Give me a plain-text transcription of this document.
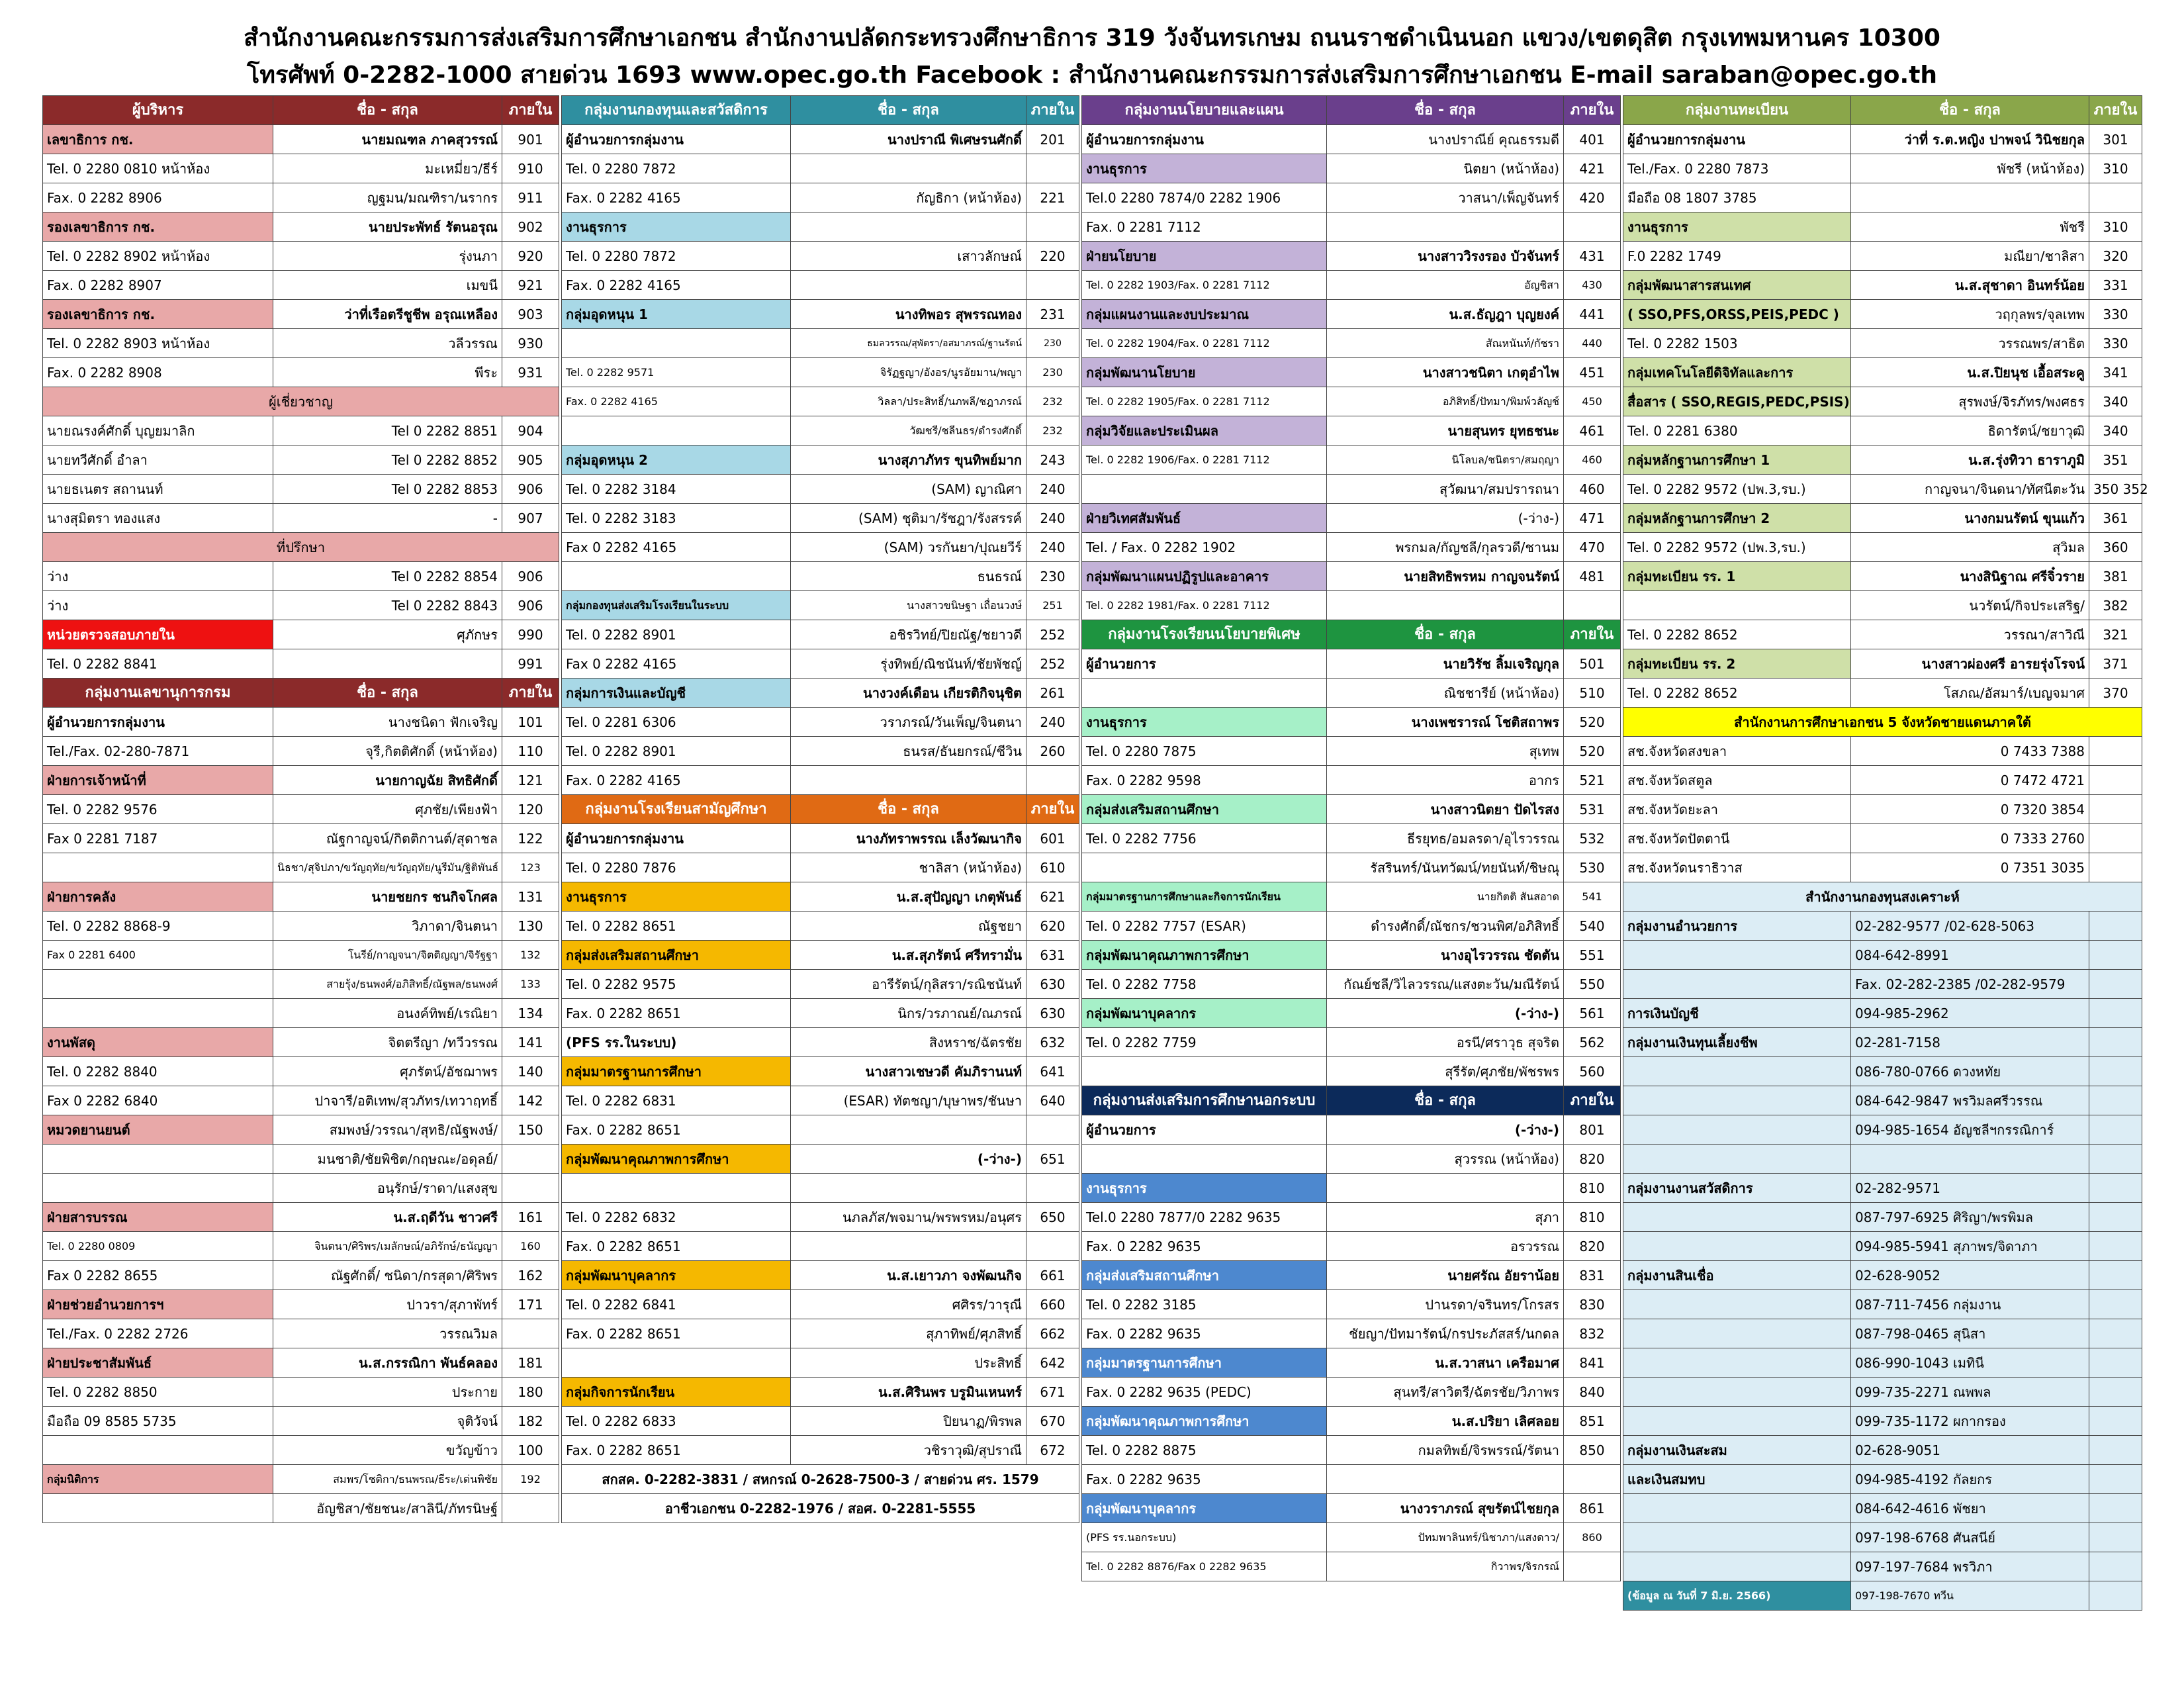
สำนักงานคณะกรรมการส่งเสริมการศึกษาเอกชน สำนักงานปลัดกระทรวงศึกษาธิการ 319 วังจันทรเกษม ถนนราชดำเนินนอก แขวง/เขตดุสิต กรุงเทพมหานคร 10300
โทรศัพท์ 0-2282-1000 สายด่วน 1693 www.opec.go.th Facebook : สำนักงานคณะกรรมการส่งเสริมการศึกษาเอกชน E-mail saraban@opec.go.th
ผู้บริหาร	ชื่อ - สกุล	ภายใน
เลขาธิการ กช.	นายมณฑล ภาคสุวรรณ์	901
Tel. 0 2280 0810 หน้าห้อง	มะเหมี่ยว/ธีร์	910
Fax. 0 2282 8906	ญฐมน/มณฑิรา/นรากร	911
รองเลขาธิการ กช.	นายประพัทธ์ รัตนอรุณ	902
Tel. 0 2282 8902 หน้าห้อง	รุ่งนภา	920
Fax. 0 2282 8907	เมขนี	921
รองเลขาธิการ กช.	ว่าที่เรือตรีชูชีพ อรุณเหลือง	903
Tel. 0 2282 8903 หน้าห้อง	วลีวรรณ	930
Fax. 0 2282 8908	พีระ	931
ผู้เชี่ยวชาญ		
นายณรงค์ศักดิ์ บุญยมาลิก	Tel 0 2282 8851	904
นายทวีศักดิ์ อำลา	Tel 0 2282 8852	905
นายธเนตร สถานนท์	Tel 0 2282 8853	906
นางสุมิตรา ทองแสง	-	907
ที่ปรึกษา		
ว่าง	Tel 0 2282 8854	906
ว่าง	Tel 0 2282 8843	906
หน่วยตรวจสอบภายใน	ศุภักษร	990
Tel. 0 2282 8841		991
กลุ่มงานเลขานุการกรม	ชื่อ - สกุล	ภายใน
ผู้อำนวยการกลุ่มงาน	นางชนิดา ฟักเจริญ	101
Tel./Fax. 02-280-7871	จุรี,กิตติศักดิ์ (หน้าห้อง)	110
ฝ่ายการเจ้าหน้าที่	นายกาญฉัย สิทธิศักดิ์	121
Tel. 0 2282 9576	ศุภชัย/เพียงฟ้า	120
Fax 0 2281 7187	ณัฐกาญจน์/กิตติกานต์/สุดาชล	122
	นิธชา/สุจิปภา/ขวัญฤทัย/ขวัญฤทัย/นูรีมัน/ฐิติพันธ์	123
ฝ่ายการคลัง	นายชยกร ชนกิจโกศล	131
Tel. 0 2282 8868-9	วิภาดา/จินตนา	130
Fax 0 2281 6400	โนรีย์/กาญจนา/จิตติญญา/จิรัฐฐา	132
	สายรุ้ง/ธนพงศ์/อภิสิทธิ์/ณัฐพล/ธนพงศ์	133
	อนงค์ทิพย์/เรณิยา	134
งานพัสดุ	จิตตรีญา /ทวีวรรณ	141
Tel. 0 2282 8840	ศุภรัตน์/อัชฌาพร	140
Fax 0 2282 6840	ปาจารี/อติเทพ/สุวภัทร/เทวาฤทธิ์	142
หมวดยานยนต์	สมพงษ์/วรรณา/สุทธิ/ณัฐพงษ์/	150
	มนชาติ/ชัยพิชิต/กฤษณะ/อดุลย์/	
	อนุรักษ์/ราดา/แสงสุข	
ฝ่ายสารบรรณ	น.ส.ฤดีวัน ชาวศรี	161
Tel. 0 2280 0809	จินตนา/ศิริพร/เมลักษณ์/อภิรักษ์/ธนัญญา	160
Fax 0 2282 8655	ณัฐศักดิ์/ ชนิดา/กรสุดา/ศิริพร	162
ฝ่ายช่วยอำนวยการฯ	ปาวรา/สุภาพัทร์	171
Tel./Fax. 0 2282 2726	วรรณวิมล	
ฝ่ายประชาสัมพันธ์	น.ส.กรรณิกา พันธ์คลอง	181
Tel. 0 2282 8850	ประกาย	180
มือถือ 09 8585 5735	จุติวัจน์	182
	ขวัญข้าว	100
กลุ่มนิติการ	สมพร/โชติกา/ธนพรณ/ธีระ/เด่นพิชัย	192
	อัญชิสา/ชัยชนะ/สาลินี/ภัทรนิษฐ์	
กลุ่มงานกองทุนและสวัสดิการ	ชื่อ - สกุล	ภายใน
ผู้อำนวยการกลุ่มงาน	นางปราณี พิเศษรนศักดิ์	201
Tel. 0 2280 7872		
Fax. 0 2282 4165	กัญธิกา (หน้าห้อง)	221
งานธุรการ		
Tel. 0 2280 7872	เสาวลักษณ์	220
Fax. 0 2282 4165		
กลุ่มอุดหนุน 1	นางทิพอร สุพรรณทอง	231
	ธมลวรรณ/สุพัตรา/อสมาภรณ์/ฐานรัตน์	230
Tel. 0 2282 9571	จิรัฏฐญา/อังอร/นูรอัยมาน/พญา	230
Fax. 0 2282 4165	วิลลา/ประสิทธิ์/นภพลี/ชฎาภรณ์	232
	วัฒชรี/ชลีนธร/ดำรงศักดิ์	232
กลุ่มอุดหนุน 2	นางสุภาภัทร ขุนทิพย์มาก	243
Tel. 0 2282 3184	(SAM) ญาณิศา	240
Tel. 0 2282 3183	(SAM) ชุติมา/รัชฎา/รังสรรค์	240
Fax 0 2282 4165	(SAM) วรกันยา/ปุณยวีร์	240
	ธนธรณ์	230
กลุ่มกองทุนส่งเสริมโรงเรียนในระบบ	นางสาวขนิษฐา เถื่อนวงษ์	251
Tel. 0 2282 8901	อชิรวิทย์/ปิยณัฐ/ชยาวดี	252
Fax 0 2282 4165	รุ่งทิพย์/ณิชนันท์/ชัยพัชญ์	252
กลุ่มการเงินและบัญชี	นางวงค์เดือน เกียรติกิจนุชิต	261
Tel. 0 2281 6306	วราภรณ์/วันเพ็ญ/จินตนา	240
Tel. 0 2282 8901	ธนรส/ธันยกรณ์/ชีวิน	260
Fax. 0 2282 4165		
กลุ่มงานโรงเรียนสามัญศึกษา	ชื่อ - สกุล	ภายใน
ผู้อำนวยการกลุ่มงาน	นางภัทราพรรณ เล็งวัฒนากิจ	601
Tel. 0 2280 7876	ชาลิสา (หน้าห้อง)	610
งานธุรการ	น.ส.สุปัญญา เกตุพันธ์	621
Tel. 0 2282 8651	ณัฐชยา	620
กลุ่มส่งเสริมสถานศึกษา	น.ส.สุภรัตน์ ศรีทรามั่น	631
Tel. 0 2282 9575	อารีรัตน์/กุลิสรา/รณิชนันท์	630
Fax. 0 2282 8651	นิกร/วรภาณย์/ณภรณ์	630
(PFS รร.ในระบบ)	สิงหราช/ฉัตรชัย	632
กลุ่มมาตรฐานการศึกษา	นางสาวเชษวดี คัมภิรานนท์	641
Tel. 0 2282 6831	(ESAR) ทัตชญา/บุษาพร/ชันษา	640
Fax. 0 2282 8651		
กลุ่มพัฒนาคุณภาพการศึกษา	(-ว่าง-)	651

Tel. 0 2282 6832	นภลภัส/พจมาน/พรพรหม/อนุศร	650
Fax. 0 2282 8651		
กลุ่มพัฒนาบุคลากร	น.ส.เยาวภา จงพัฒนกิจ	661
Tel. 0 2282 6841	ศศิรร/วารุณี	660
Fax. 0 2282 8651	สุภาทิพย์/ศุภสิทธิ์	662
	ประสิทธิ์	642
กลุ่มกิจการนักเรียน	น.ส.ศิรินพร บรูมินเหนทร์	671
Tel. 0 2282 6833	ปิยนาฏ/พิรพล	670
Fax. 0 2282 8651	วชิราวุฒิ/สุปราณี	672
สกสค. 0-2282-3831 / สหกรณ์ 0-2628-7500-3 / สายด่วน ศร. 1579		
อาชีวเอกชน 0-2282-1976 / สอศ. 0-2281-5555		
กลุ่มงานนโยบายและแผน	ชื่อ - สกุล	ภายใน
ผู้อำนวยการกลุ่มงาน	นางปราณีย์ คุณธรรมดี	401
งานธุรการ	นิตยา (หน้าห้อง)	421
Tel.0 2280 7874/0 2282 1906	วาสนา/เพ็ญจันทร์	420
Fax. 0 2281 7112		
ฝ่ายนโยบาย	นางสาววิรงรอง บัวจันทร์	431
Tel. 0 2282 1903/Fax. 0 2281 7112	อัญชิสา	430
กลุ่มแผนงานและงบประมาณ	น.ส.ธัญฎา บุญยงค์	441
Tel. 0 2282 1904/Fax. 0 2281 7112	สัณหนันท์/กัชรา	440
กลุ่มพัฒนานโยบาย	นางสาวชนิตา เกตุอำไพ	451
Tel. 0 2282 1905/Fax. 0 2281 7112	อภิสิทธิ์/ปัทมา/พิมพ์วลัญช์	450
กลุ่มวิจัยและประเมินผล	นายสุนทร ยุทธชนะ	461
Tel. 0 2282 1906/Fax. 0 2281 7112	นิโลบล/ชนิตรา/สมฤญา	460
	สุวัฒนา/สมปรารถนา	460
ฝ่ายวิเทศสัมพันธ์	(-ว่าง-)	471
Tel. / Fax. 0 2282 1902	พรกมล/กัญชลี/กุลรวดี/ชานม	470
กลุ่มพัฒนาแผนปฏิรูปและอาคาร	นายสิทธิพรหม กาญจนรัตน์	481
Tel. 0 2282 1981/Fax. 0 2281 7112		
กลุ่มงานโรงเรียนนโยบายพิเศษ	ชื่อ - สกุล	ภายใน
ผู้อำนวยการ	นายวิรัช ลิ้มเจริญกุล	501
	ณิชชารีย์ (หน้าห้อง)	510
งานธุรการ	นางเพชรารณ์ โชติสถาพร	520
Tel. 0 2280 7875	สุเทพ	520
Fax. 0 2282 9598	อากร	521
กลุ่มส่งเสริมสถานศึกษา	นางสาวนิตยา ปัดไรสง	531
Tel. 0 2282 7756	ธีรยุทธ/อมลรดา/อุไรวรรณ	532
	รัสรินทร์/นันทวัฒน์/ทยนันท์/ชิษณุ	530
กลุ่มมาตรฐานการศึกษาและกิจการนักเรียน	นายกิตติ สันสอาด	541
Tel. 0 2282 7757 (ESAR)	ดำรงศักดิ์/ณัชกร/ชวนพิศ/อภิสิทธิ์	540
กลุ่มพัฒนาคุณภาพการศึกษา	นางอุไรวรรณ ชัดตัน	551
Tel. 0 2282 7758	กัณย์ชลี/วิไลวรรณ/แสงตะวัน/มณีรัตน์	550
กลุ่มพัฒนาบุคลากร	(-ว่าง-)	561
Tel. 0 2282 7759	อรนี/ศราวุธ สุจริต	562
	สุรีรัต/ศุภชัย/พัชรพร	560
กลุ่มงานส่งเสริมการศึกษานอกระบบ	ชื่อ - สกุล	ภายใน
ผู้อำนวยการ	(-ว่าง-)	801
	สุวรรณ (หน้าห้อง)	820
งานธุรการ		810
Tel.0 2280 7877/0 2282 9635	สุภา	810
Fax. 0 2282 9635	อรวรรณ	820
กลุ่มส่งเสริมสถานศึกษา	นายศรัณ อัยราน้อย	831
Tel. 0 2282 3185	ปานรดา/จรินทร/โกรสร	830
Fax. 0 2282 9635	ชัยญา/ปัทมารัตน์/กรประภัสสร์/นกดล	832
กลุ่มมาตรฐานการศึกษา	น.ส.วาสนา เครือมาศ	841
Fax. 0 2282 9635 (PEDC)	สุนทรี/สาวิตรี/ฉัตรชัย/วิภาพร	840
กลุ่มพัฒนาคุณภาพการศึกษา	น.ส.ปริยา เลิศลอย	851
Tel. 0 2282 8875	กมลทิพย์/จิรพรรณ์/รัตนา	850
Fax. 0 2282 9635		
กลุ่มพัฒนาบุคลากร	นางวราภรณ์ สุขรัตน์ไชยกุล	861
(PFS รร.นอกระบบ)	ปัทมพาลินทร์/นิชาภา/แสงดาว/	860
Tel. 0 2282 8876/Fax 0 2282 9635	กิวาพร/จิรกรณ์	
กลุ่มงานทะเบียน	ชื่อ - สกุล	ภายใน
ผู้อำนวยการกลุ่มงาน	ว่าที่ ร.ต.หญิง ปาพจน์ วินิชยกุล	301
Tel./Fax. 0 2280 7873	พัชรี (หน้าห้อง)	310
มือถือ 08 1807 3785		
งานธุรการ	พัชรี	310
F.0 2282 1749	มณียา/ชาลิสา	320
กลุ่มพัฒนาสารสนเทศ	น.ส.สุชาดา อินทร์น้อย	331
( SSO,PFS,ORSS,PEIS,PEDC )	วฤกุลพร/จุลเทพ	330
Tel. 0 2282 1503	วรรณพร/สาธิต	330
กลุ่มเทคโนโลยีดิจิทัลและการ	น.ส.ปิยนุช เอื้อสระคู	341
สื่อสาร ( SSO,REGIS,PEDC,PSIS)	สุรพงษ์/จิรภัทร/พงศธร	340
Tel. 0 2281 6380	ธิดารัตน์/ชยาวุฒิ	340
กลุ่มหลักฐานการศึกษา 1	น.ส.รุ่งทิวา ธาราภูมิ	351
Tel. 0 2282 9572 (ปพ.3,รบ.)	กาญจนา/จินดนา/ทัศนีตะวัน	350 352
กลุ่มหลักฐานการศึกษา 2	นางกมนรัตน์ ขุนแก้ว	361
Tel. 0 2282 9572 (ปพ.3,รบ.)	สุวิมล	360
กลุ่มทะเบียน รร. 1	นางสินิฐาณ ศรีจิ๋วราย	381
	นวรัตน์/กิจประเสริฐ/	382
Tel. 0 2282 8652	วรรณา/สาวิณี	321
กลุ่มทะเบียน รร. 2	นางสาวผ่องศรี อารยรุ่งโรจน์	371
Tel. 0 2282 8652	โสภณ/อัสมาร์/เบญจมาศ	370
สำนักงานการศึกษาเอกชน 5 จังหวัดชายแดนภาคใต้		
สช.จังหวัดสงขลา	0 7433 7388	
สช.จังหวัดสตูล	0 7472 4721	
สช.จังหวัดยะลา	0 7320 3854	
สช.จังหวัดปัตตานี	0 7333 2760	
สช.จังหวัดนราธิวาส	0 7351 3035	
สำนักงานกองทุนสงเคราะห์		
กลุ่มงานอำนวยการ	02-282-9577 /02-628-5063	
	084-642-8991	
	Fax. 02-282-2385 /02-282-9579	
การเงินบัญชี	094-985-2962	
กลุ่มงานเงินทุนเลี้ยงชีพ	02-281-7158	
	086-780-0766 ดวงหทัย	
	084-642-9847 พรวิมลศรีวรรณ	
	094-985-1654 อัญชลีฯกรรณิการ์	

กลุ่มงานงานสวัสดิการ	02-282-9571	
	087-797-6925 ศิริญา/พรพิมล	
	094-985-5941 สุภาพร/จิดาภา	
กลุ่มงานสินเชื่อ	02-628-9052	
	087-711-7456 กลุ่มงาน	
	087-798-0465 สุนิสา	
	086-990-1043 เมทินี	
	099-735-2271 ณพพล	
	099-735-1172 ผกากรอง	
กลุ่มงานเงินสะสม	02-628-9051	
และเงินสมทบ	094-985-4192 กัลยกร	
	084-642-4616 พัชยา	
	097-198-6768 ศันสนีย์	
	097-197-7684 พรวิภา	
(ข้อมูล ณ วันที่ 7 มิ.ย. 2566)	097-198-7670 ทวีน	
